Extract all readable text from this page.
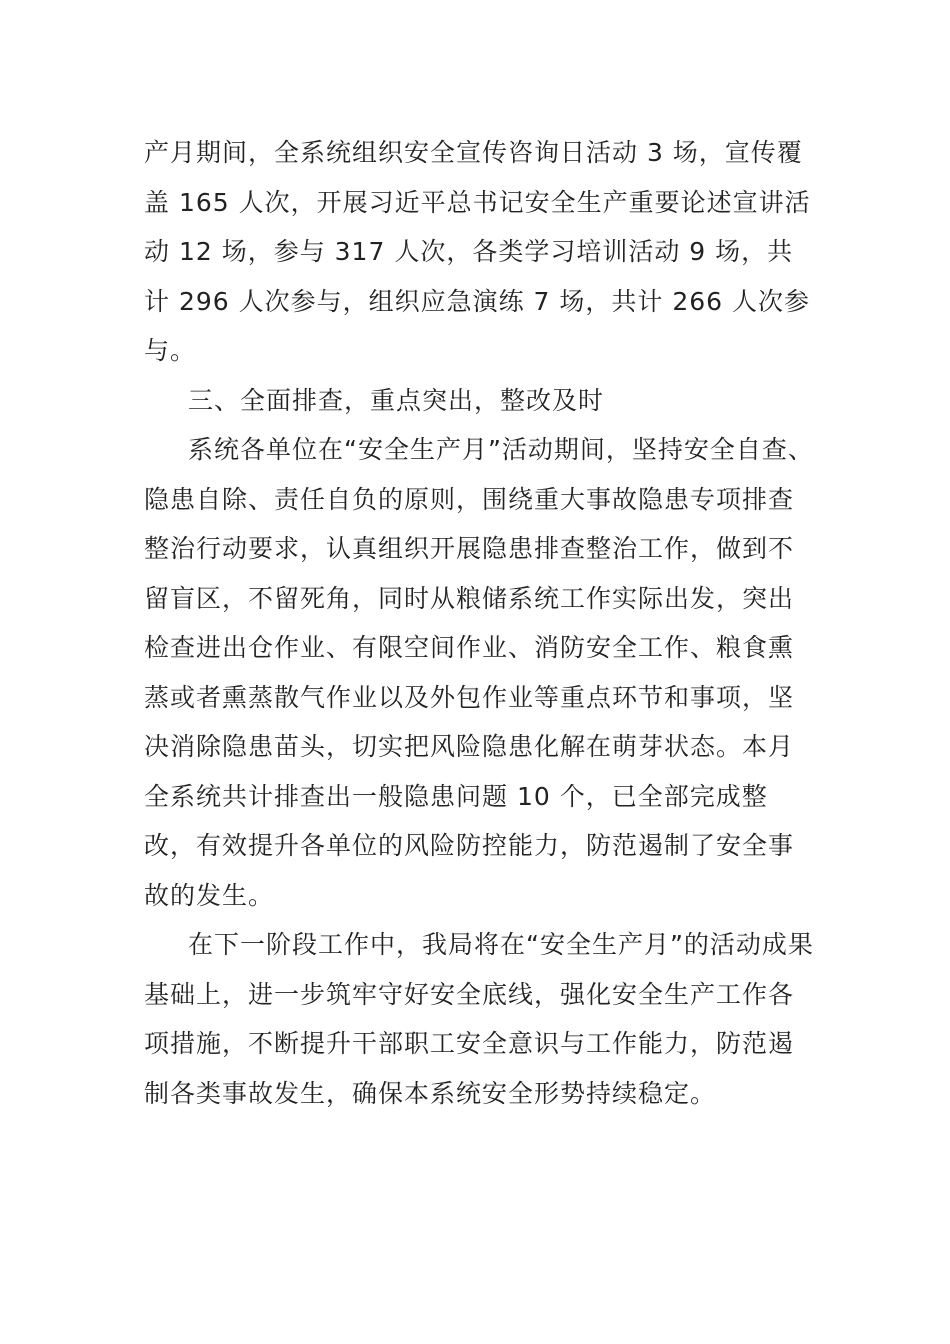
产月期间，全系统组织安全宣传咨询日活动 3 场，宣传覆盖 165 人次，开展习近平总书记安全生产重要论述宣讲活动 12 场，参与 317 人次，各类学习培训活动 9 场，共计 296 人次参与，组织应急演练 7 场，共计 266 人次参与。

三、全面排查，重点突出，整改及时

系统各单位在“安全生产月”活动期间，坚持安全自查、隐患自除、责任自负的原则，围绕重大事故隐患专项排查整治行动要求，认真组织开展隐患排查整治工作，做到不留盲区，不留死角，同时从粮储系统工作实际出发，突出检查进出仓作业、有限空间作业、消防安全工作、粮食熏蒸或者熏蒸散气作业以及外包作业等重点环节和事项，坚决消除隐患苗头，切实把风险隐患化解在萌芽状态。本月全系统共计排查出一般隐患问题 10 个，已全部完成整改，有效提升各单位的风险防控能力，防范遏制了安全事故的发生。

在下一阶段工作中，我局将在“安全生产月”的活动成果基础上，进一步筑牢守好安全底线，强化安全生产工作各项措施，不断提升干部职工安全意识与工作能力，防范遏制各类事故发生，确保本系统安全形势持续稳定。
